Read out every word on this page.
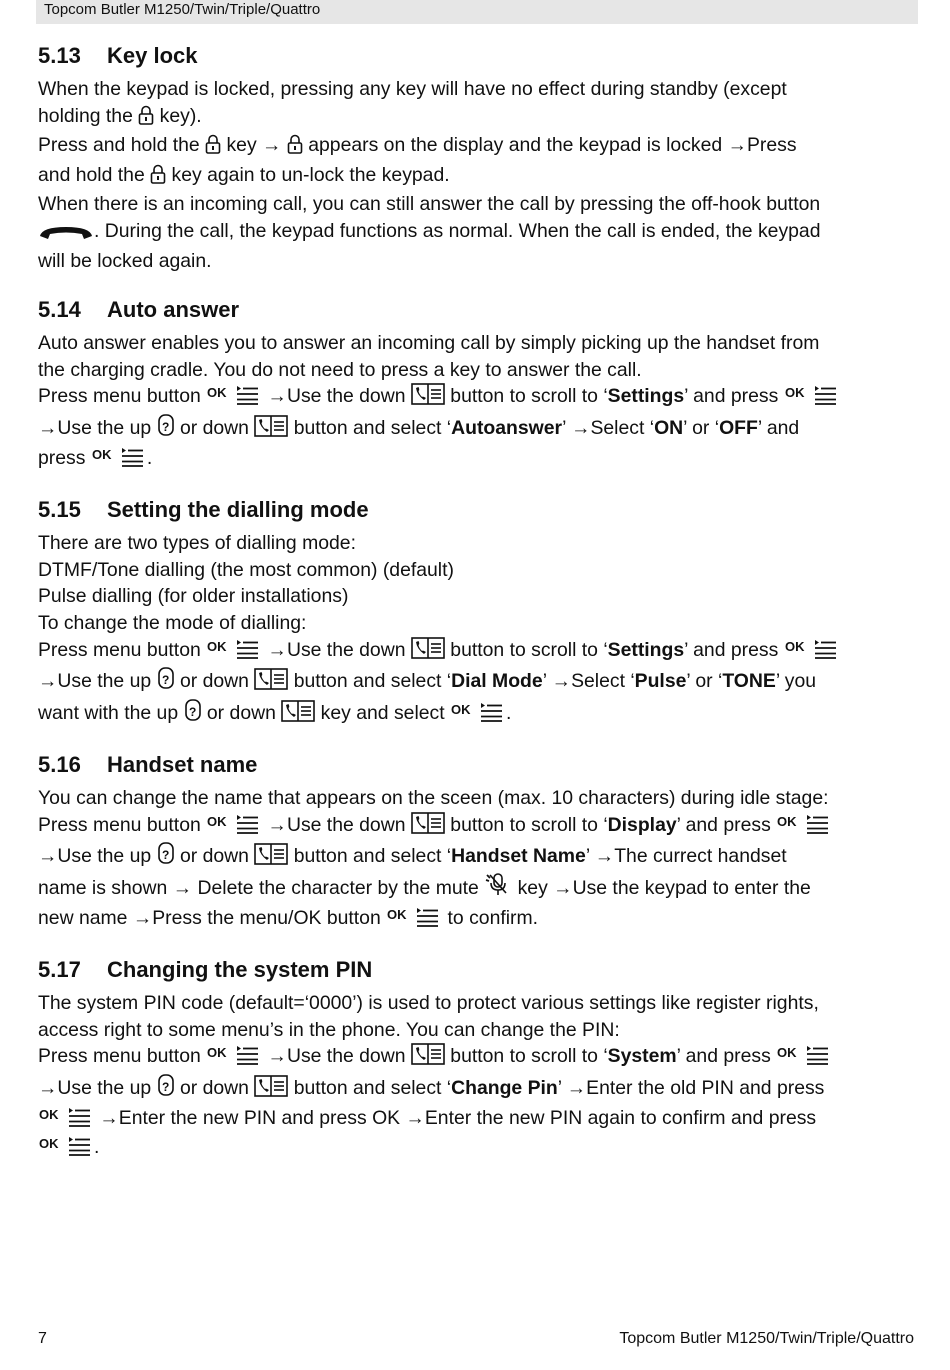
Topcom Butler M1250/Twin/Triple/Quattro
5.13 Key lock

When the keypad is locked, pressing any key will have no effect during standby (except

holding the  key).

Press and hold the  key →  appears on the display and the keypad is locked →Press

and hold the  key again to un-lock the keypad.

When there is an incoming call, you can still answer the call by pressing the off-hook button

. During the call, the keypad functions as normal. When the call is ended, the keypad

will be locked again.

5.14 Auto answer

Auto answer enables you to answer an incoming call by simply picking up the handset from

the charging cradle. You do not need to press a key to answer the call.

Press menu button OK →Use the down  button to scroll to ‘Settings’ and press OK

→Use the up ? or down  button and select ‘Autoanswer’ →Select ‘ON’ or ‘OFF’ and

press OK .

5.15 Setting the dialling mode

There are two types of dialling mode:

DTMF/Tone dialling (the most common) (default)

Pulse dialling (for older installations)

To change the mode of dialling:

Press menu button OK →Use the down  button to scroll to ‘Settings’ and press OK

→Use the up ? or down  button and select ‘Dial Mode’ →Select ‘Pulse’ or ‘TONE’ you

want with the up ? or down  key and select OK .

5.16 Handset name

You can change the name that appears on the sceen (max. 10 characters) during idle stage:

Press menu button OK →Use the down  button to scroll to ‘Display’ and press OK

→Use the up ? or down  button and select ‘Handset Name’ →The currect handset

name is shown → Delete the character by the mute  key →Use the keypad to enter the

new name →Press the menu/OK button OK to confirm.

5.17 Changing the system PIN

The system PIN code (default=‘0000’) is used to protect various settings like register rights,

access right to some menu’s in the phone. You can change the PIN:

Press menu button OK →Use the down  button to scroll to ‘System’ and press OK

→Use the up ? or down  button and select ‘Change Pin’ →Enter the old PIN and press

OK →Enter the new PIN and press OK →Enter the new PIN again to confirm and press

OK .

7	Topcom Butler M1250/Twin/Triple/Quattro
